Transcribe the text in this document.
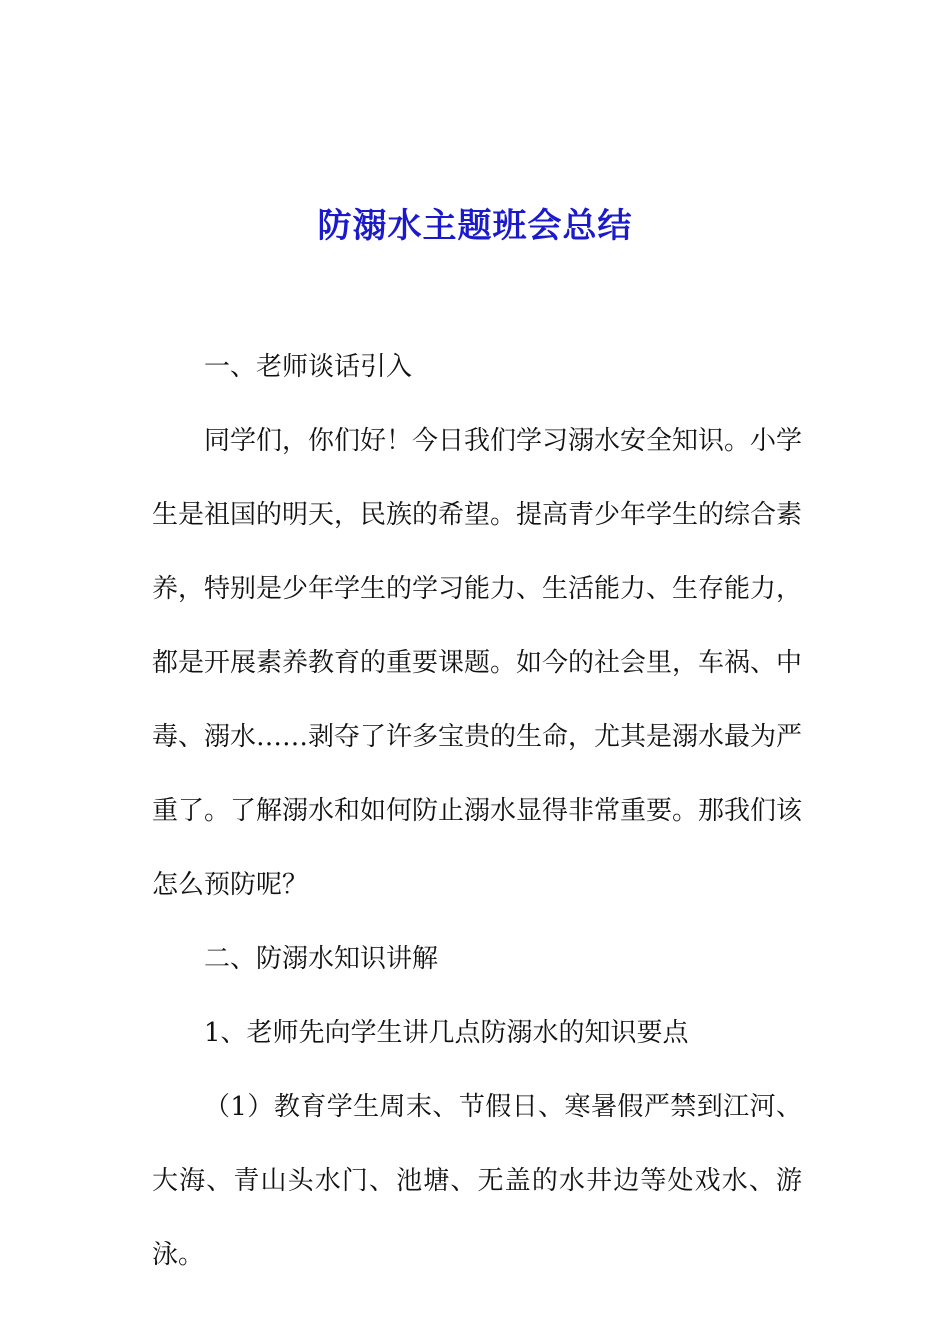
防溺水主题班会总结

一、老师谈话引入

同学们，你们好！今日我们学习溺水安全知识。小学生是祖国的明天，民族的希望。提高青少年学生的综合素养，特别是少年学生的学习能力、生活能力、生存能力，都是开展素养教育的重要课题。如今的社会里，车祸、中毒、溺水……剥夺了许多宝贵的生命，尤其是溺水最为严重了。了解溺水和如何防止溺水显得非常重要。那我们该怎么预防呢？

二、防溺水知识讲解

1、老师先向学生讲几点防溺水的知识要点

（1）教育学生周末、节假日、寒暑假严禁到江河、大海、青山头水门、池塘、无盖的水井边等处戏水、游泳。
